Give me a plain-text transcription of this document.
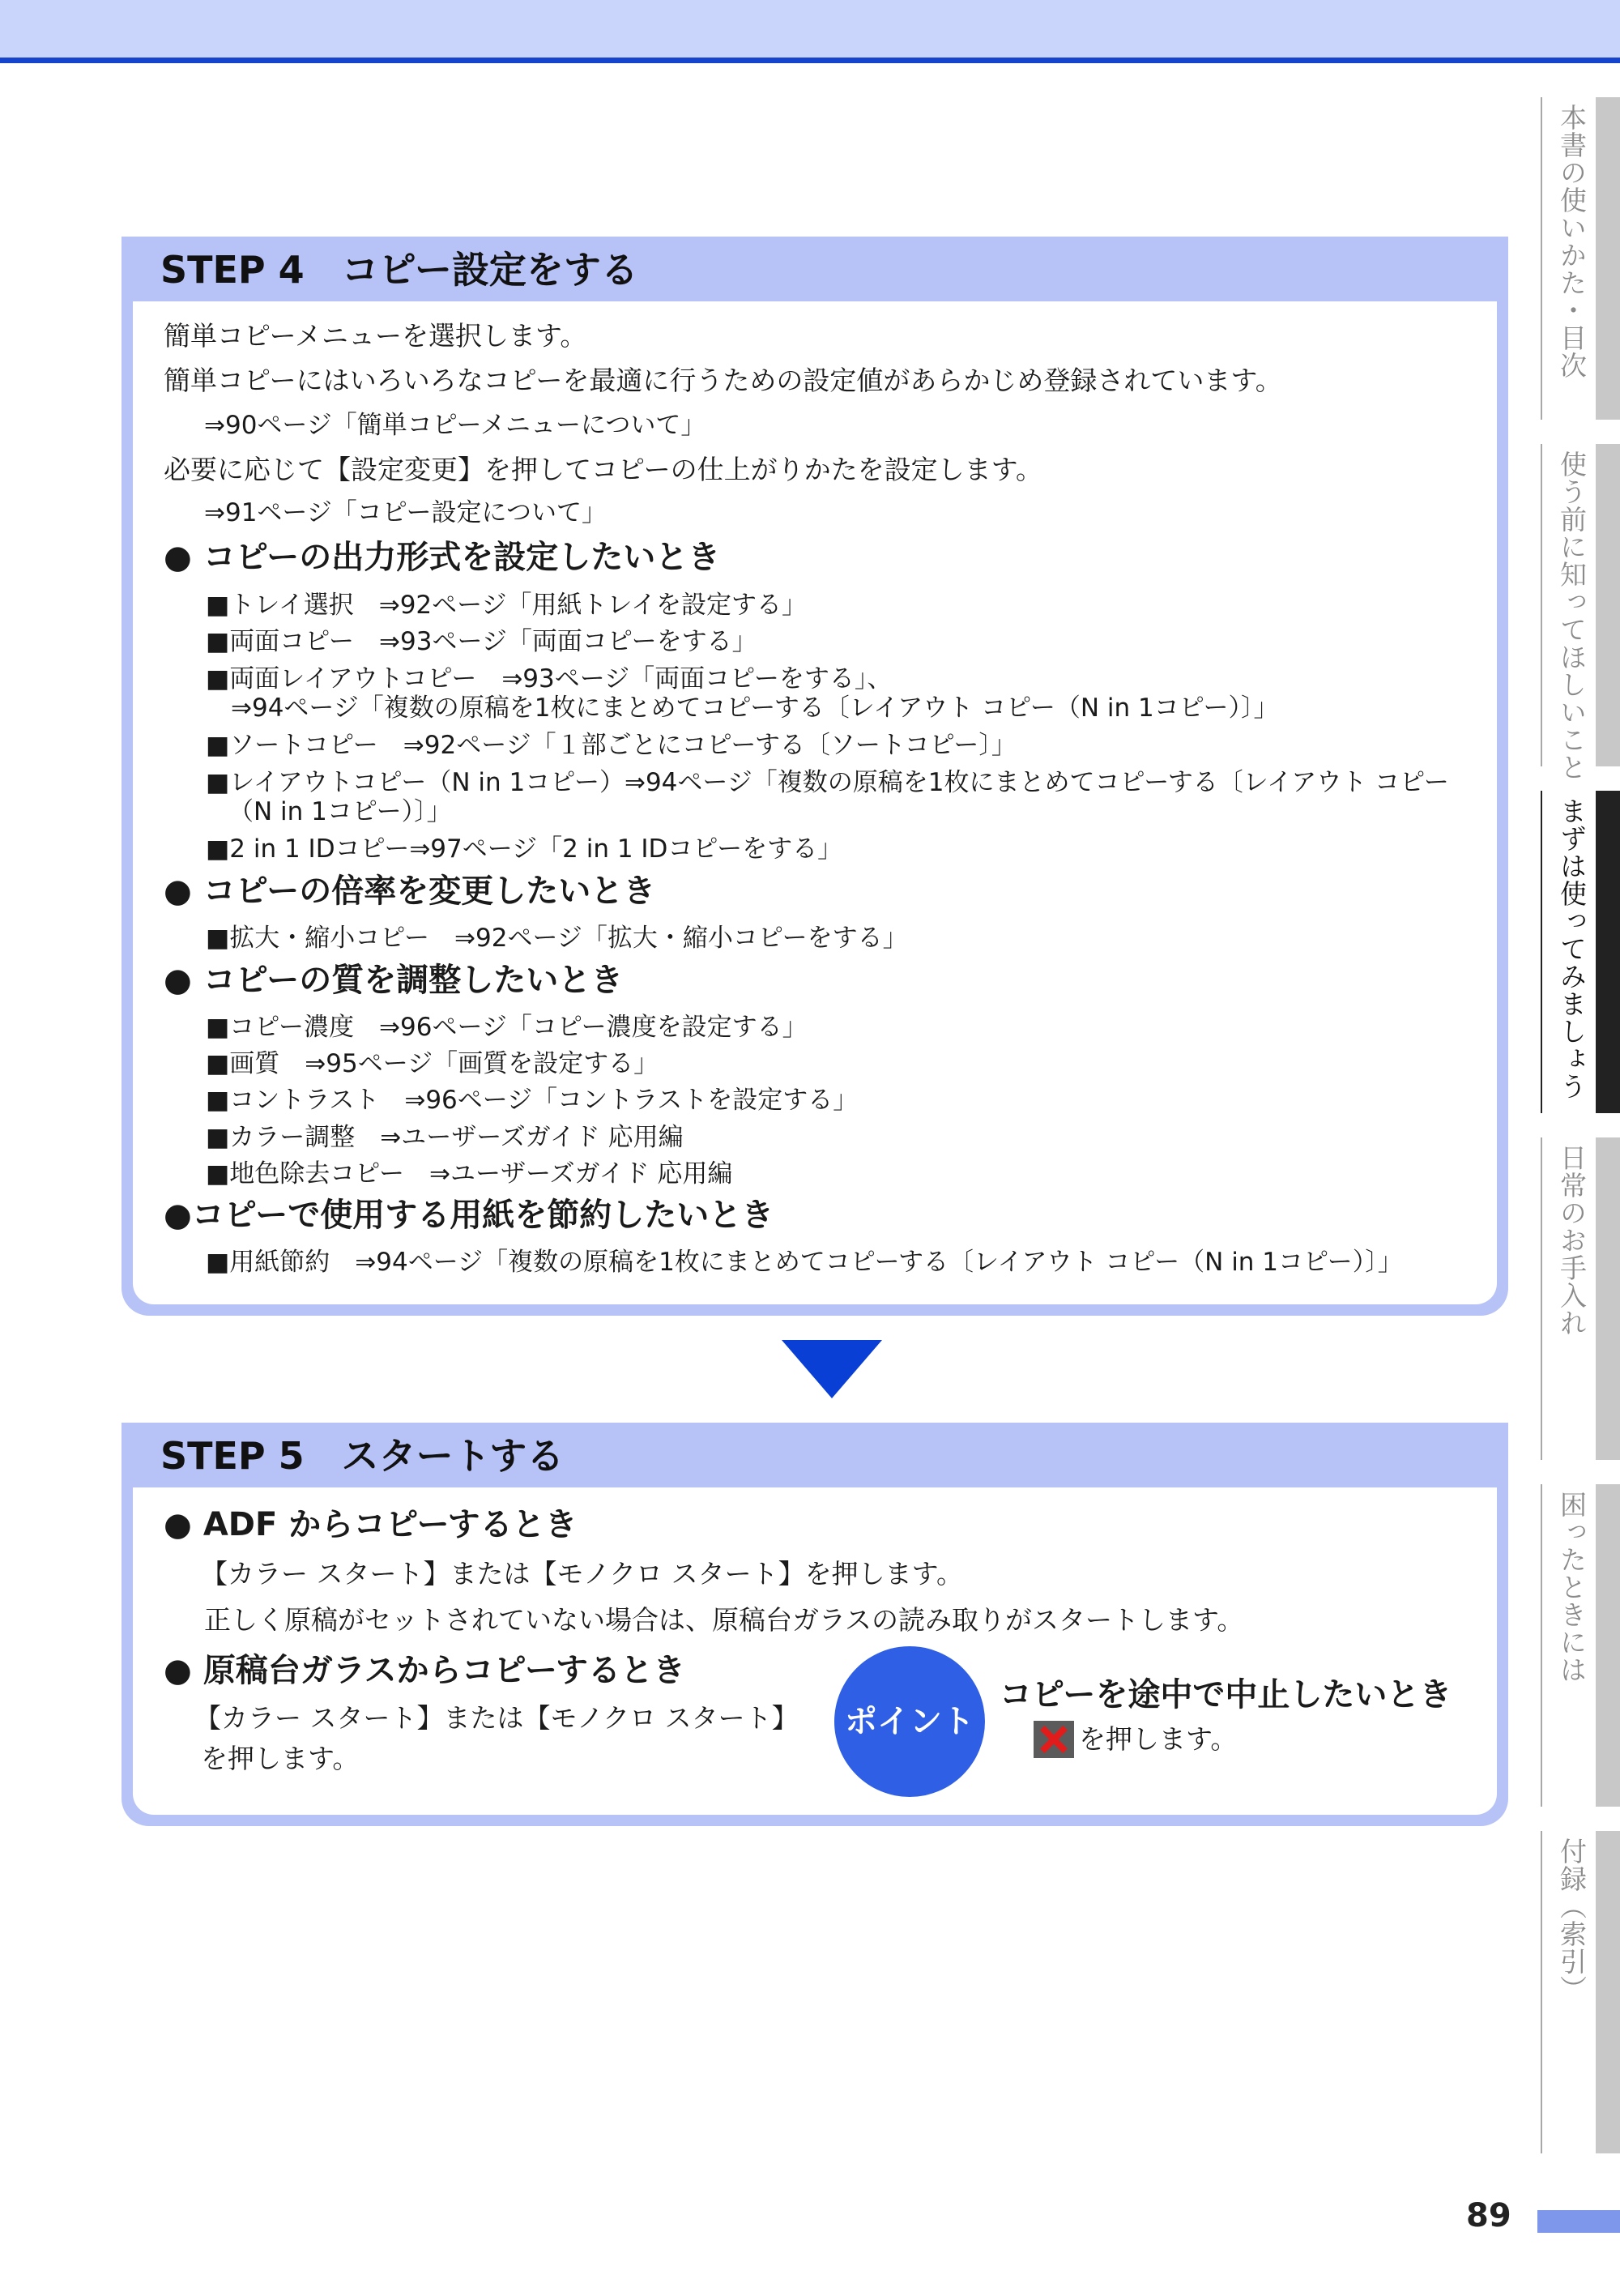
本書の使いかた・目次
使う前に知ってほしいこと
まずは使ってみましょう
日常のお手入れ
困ったときには
付録（索引）
STEP 4　コピー設定をする
簡単コピーメニューを選択します。
簡単コピーにはいろいろなコピーを最適に行うための設定値があらかじめ登録されています。
⇒90ページ「簡単コピーメニューについて」
必要に応じて【設定変更】を押してコピーの仕上がりかたを設定します。
⇒91ページ「コピー設定について」
● コピーの出力形式を設定したいとき
■トレイ選択　⇒92ページ「用紙トレイを設定する」
■両面コピー　⇒93ページ「両面コピーをする」
■両面レイアウトコピー　⇒93ページ「両面コピーをする」、
　⇒94ページ「複数の原稿を1枚にまとめてコピーする〔レイアウト コピー（N in 1コピー）〕」
■ソートコピー　⇒92ページ「１部ごとにコピーする〔ソートコピー〕」
■レイアウトコピー（N in 1コピー）⇒94ページ「複数の原稿を1枚にまとめてコピーする〔レイアウト コピー
（N in 1コピー）〕」
■2 in 1 IDコピー⇒97ページ「2 in 1 IDコピーをする」
● コピーの倍率を変更したいとき
■拡大・縮小コピー　⇒92ページ「拡大・縮小コピーをする」
● コピーの質を調整したいとき
■コピー濃度　⇒96ページ「コピー濃度を設定する」
■画質　⇒95ページ「画質を設定する」
■コントラスト　⇒96ページ「コントラストを設定する」
■カラー調整　⇒ユーザーズガイド 応用編
■地色除去コピー　⇒ユーザーズガイド 応用編
●コピーで使用する用紙を節約したいとき
■用紙節約　⇒94ページ「複数の原稿を1枚にまとめてコピーする〔レイアウト コピー（N in 1コピー）〕」
STEP 5　スタートする
● ADF からコピーするとき
【カラー スタート】または【モノクロ スタート】を押します。
正しく原稿がセットされていない場合は、原稿台ガラスの読み取りがスタートします。
● 原稿台ガラスからコピーするとき
【カラー スタート】または【モノクロ スタート】
を押します。
ポイント
コピーを途中で中止したいとき
を押します。
89
